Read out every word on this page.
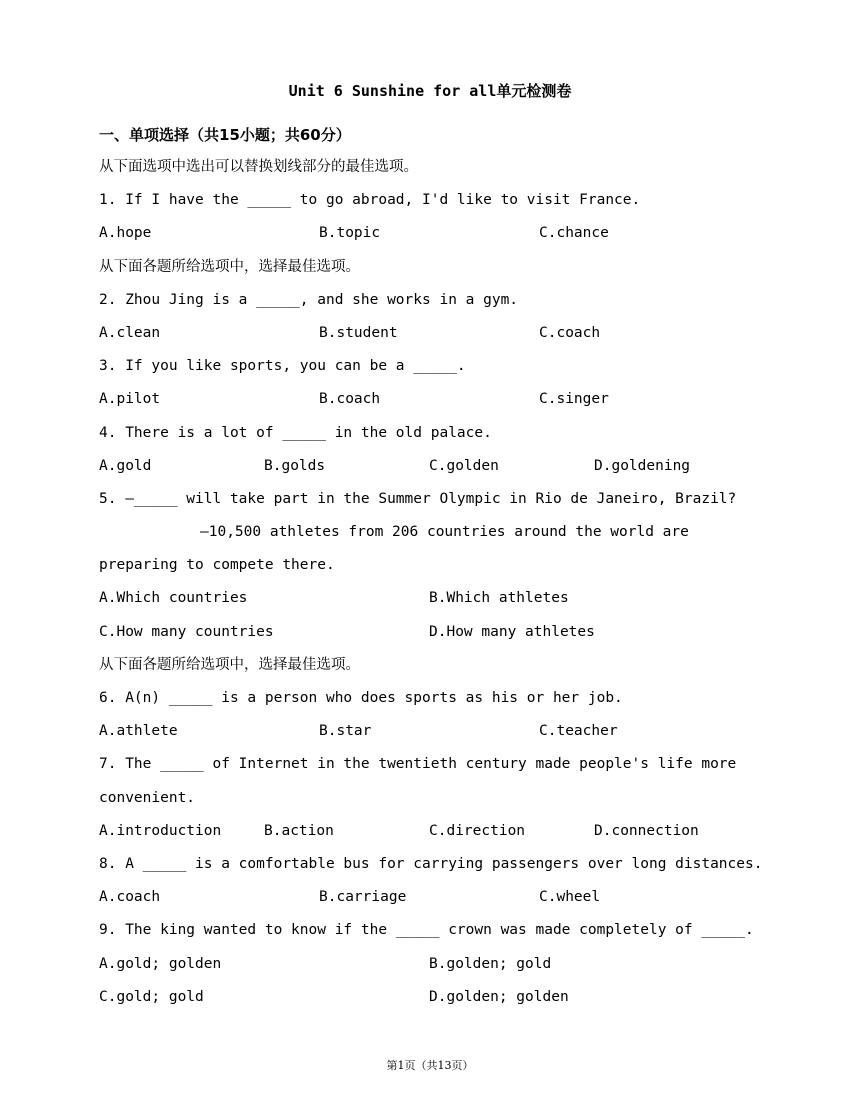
Unit 6 Sunshine for all单元检测卷
一、单项选择（共15小题；共60分）
从下面选项中选出可以替换划线部分的最佳选项。
1. If I have the _____ to go abroad, I'd like to visit France.
A.hope	B.topic	C.chance
从下面各题所给选项中，选择最佳选项。
2. Zhou Jing is a _____, and she works in a gym.
A.clean	B.student	C.coach
3. If you like sports, you can be a _____.
A.pilot	B.coach	C.singer
4. There is a lot of _____ in the old palace.
A.gold	B.golds	C.golden	D.goldening
5. —_____ will take part in the Summer Olympic in Rio de Janeiro, Brazil?
—10,500 athletes from 206 countries around the world are
preparing to compete there.
A.Which countries	B.Which athletes
C.How many countries	D.How many athletes
从下面各题所给选项中，选择最佳选项。
6. A(n) _____ is a person who does sports as his or her job.
A.athlete	B.star	C.teacher
7. The _____ of Internet in the twentieth century made people's life more
convenient.
A.introduction	B.action	C.direction	D.connection
8. A _____ is a comfortable bus for carrying passengers over long distances.
A.coach	B.carriage	C.wheel
9. The king wanted to know if the _____ crown was made completely of _____.
A.gold; golden	B.golden; gold
C.gold; gold	D.golden; golden
第1页（共13页）
